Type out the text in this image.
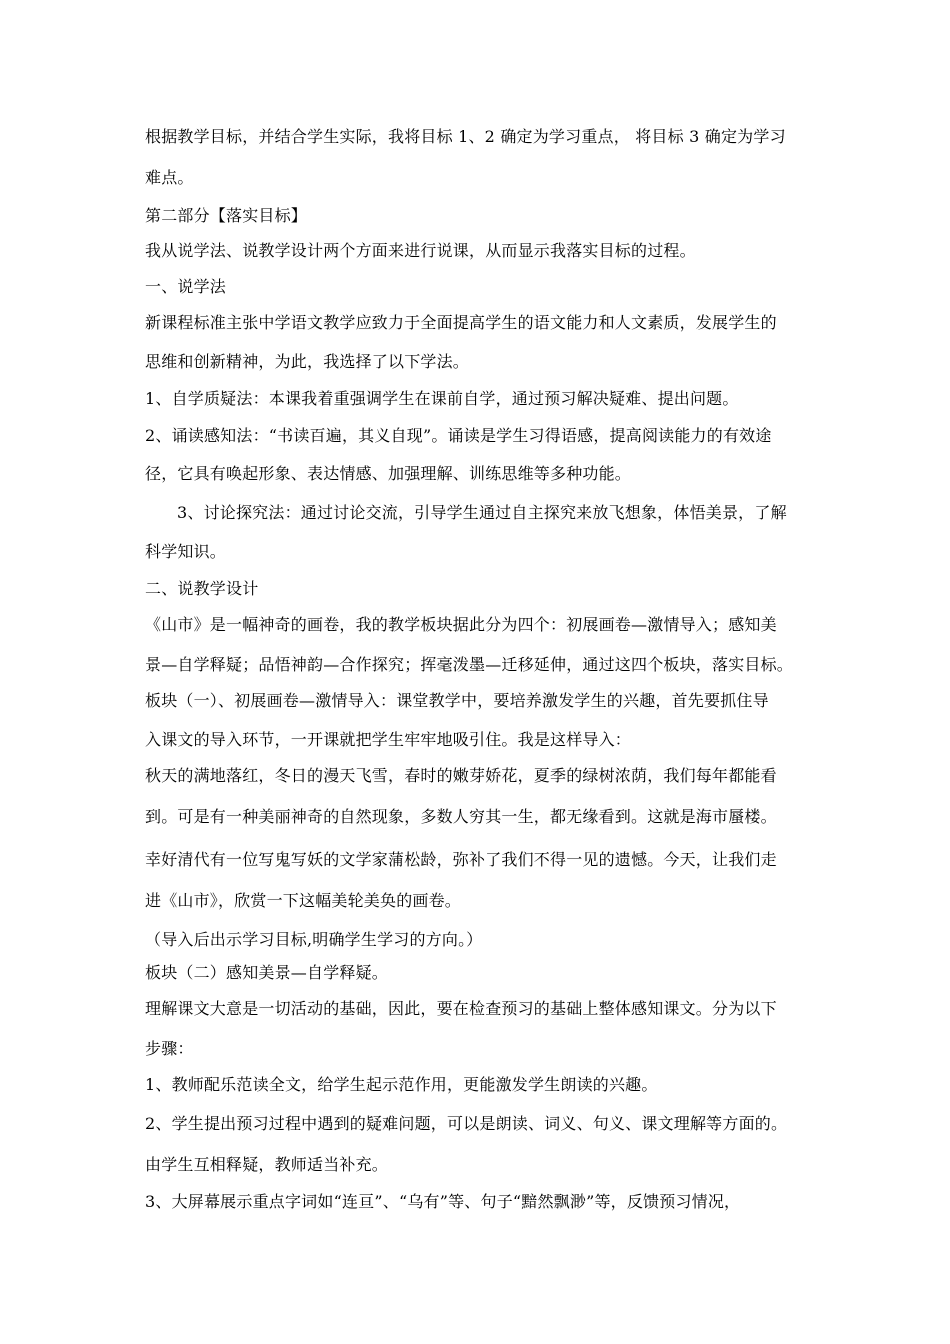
根据教学目标，并结合学生实际，我将目标 1、2 确定为学习重点， 将目标 3 确定为学习
难点。
第二部分【落实目标】
我从说学法、说教学设计两个方面来进行说课，从而显示我落实目标的过程。
一、说学法
新课程标准主张中学语文教学应致力于全面提高学生的语文能力和人文素质，发展学生的
思维和创新精神，为此，我选择了以下学法。
1、自学质疑法：本课我着重强调学生在课前自学，通过预习解决疑难、提出问题。
2、诵读感知法：“书读百遍，其义自现”。诵读是学生习得语感，提高阅读能力的有效途
径，它具有唤起形象、表达情感、加强理解、训练思维等多种功能。
3、讨论探究法：通过讨论交流，引导学生通过自主探究来放飞想象，体悟美景，了解
科学知识。
二、说教学设计
《山市》是一幅神奇的画卷，我的教学板块据此分为四个：初展画卷—激情导入；感知美
景—自学释疑；品悟神韵—合作探究；挥毫泼墨—迁移延伸，通过这四个板块，落实目标。
板块（一）、初展画卷—激情导入：课堂教学中，要培养激发学生的兴趣，首先要抓住导
入课文的导入环节，一开课就把学生牢牢地吸引住。我是这样导入：
秋天的满地落红，冬日的漫天飞雪，春时的嫩芽娇花，夏季的绿树浓荫，我们每年都能看
到。可是有一种美丽神奇的自然现象，多数人穷其一生，都无缘看到。这就是海市蜃楼。
幸好清代有一位写鬼写妖的文学家蒲松龄，弥补了我们不得一见的遗憾。今天，让我们走
进《山市》，欣赏一下这幅美轮美奂的画卷。
（导入后出示学习目标,明确学生学习的方向。）
板块（二）感知美景—自学释疑。
理解课文大意是一切活动的基础，因此，要在检查预习的基础上整体感知课文。分为以下
步骤：
1、教师配乐范读全文，给学生起示范作用，更能激发学生朗读的兴趣。
2、学生提出预习过程中遇到的疑难问题，可以是朗读、词义、句义、课文理解等方面的。
由学生互相释疑，教师适当补充。
3、大屏幕展示重点字词如“连亘”、“乌有”等、句子“黯然飘渺”等，反馈预习情况，
